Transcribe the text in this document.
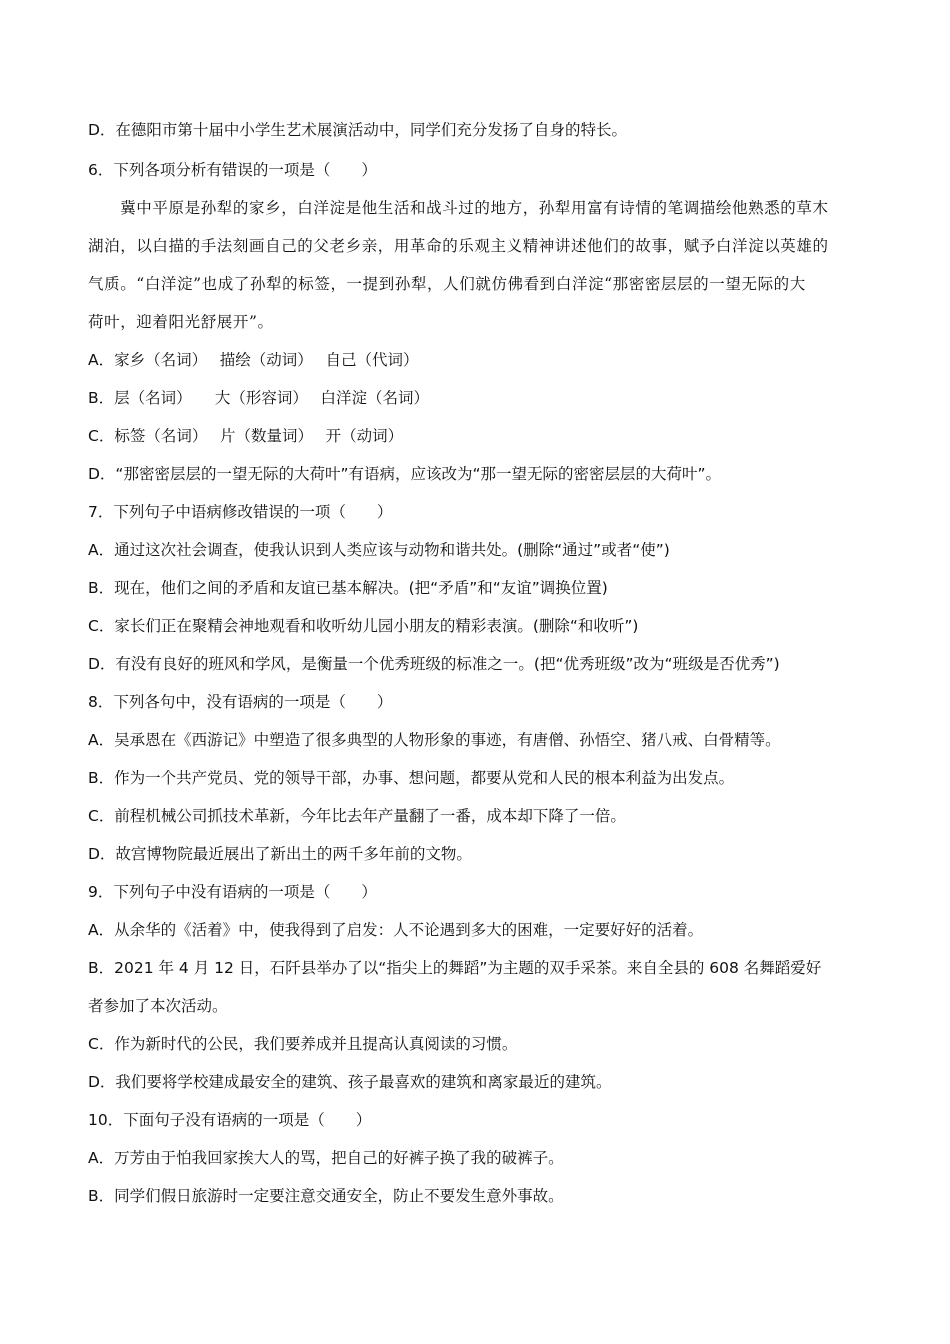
D．在德阳市第十届中小学生艺术展演活动中，同学们充分发扬了自身的特长。
6．下列各项分析有错误的一项是（　　）
　　冀中平原是孙犁的家乡，白洋淀是他生活和战斗过的地方，孙犁用富有诗情的笔调描绘他熟悉的草木
湖泊，以白描的手法刻画自己的父老乡亲，用革命的乐观主义精神讲述他们的故事，赋予白洋淀以英雄的
气质。“白洋淀”也成了孙犁的标签，一提到孙犁，人们就仿佛看到白洋淀“那密密层层的一望无际的大
荷叶，迎着阳光舒展开”。
A．家乡（名词）　 描绘（动词）　 自己（代词）
B．层（名词）　　大（形容词）　 白洋淀（名词）
C．标签（名词）　 片（数量词）　 开（动词）
D．“那密密层层的一望无际的大荷叶”有语病，应该改为“那一望无际的密密层层的大荷叶”。
7．下列句子中语病修改错误的一项（　　）
A．通过这次社会调查，使我认识到人类应该与动物和谐共处。(删除“通过”或者“使”)
B．现在，他们之间的矛盾和友谊已基本解决。(把“矛盾”和“友谊”调换位置)
C．家长们正在聚精会神地观看和收听幼儿园小朋友的精彩表演。(删除“和收听”)
D．有没有良好的班风和学风，是衡量一个优秀班级的标准之一。(把“优秀班级”改为“班级是否优秀”)
8．下列各句中，没有语病的一项是（　　）
A．吴承恩在《西游记》中塑造了很多典型的人物形象的事迹，有唐僧、孙悟空、猪八戒、白骨精等。
B．作为一个共产党员、党的领导干部，办事、想问题，都要从党和人民的根本利益为出发点。
C．前程机械公司抓技术革新，今年比去年产量翻了一番，成本却下降了一倍。
D．故宫博物院最近展出了新出土的两千多年前的文物。
9．下列句子中没有语病的一项是（　　）
A．从余华的《活着》中，使我得到了启发：人不论遇到多大的困难，一定要好好的活着。
B．2021 年 4 月 12 日，石阡县举办了以“指尖上的舞蹈”为主题的双手采茶。来自全县的 608 名舞蹈爱好
者参加了本次活动。
C．作为新时代的公民，我们要养成并且提高认真阅读的习惯。
D．我们要将学校建成最安全的建筑、孩子最喜欢的建筑和离家最近的建筑。
10．下面句子没有语病的一项是（　　）
A．万芳由于怕我回家挨大人的骂，把自己的好裤子换了我的破裤子。
B．同学们假日旅游时一定要注意交通安全，防止不要发生意外事故。
